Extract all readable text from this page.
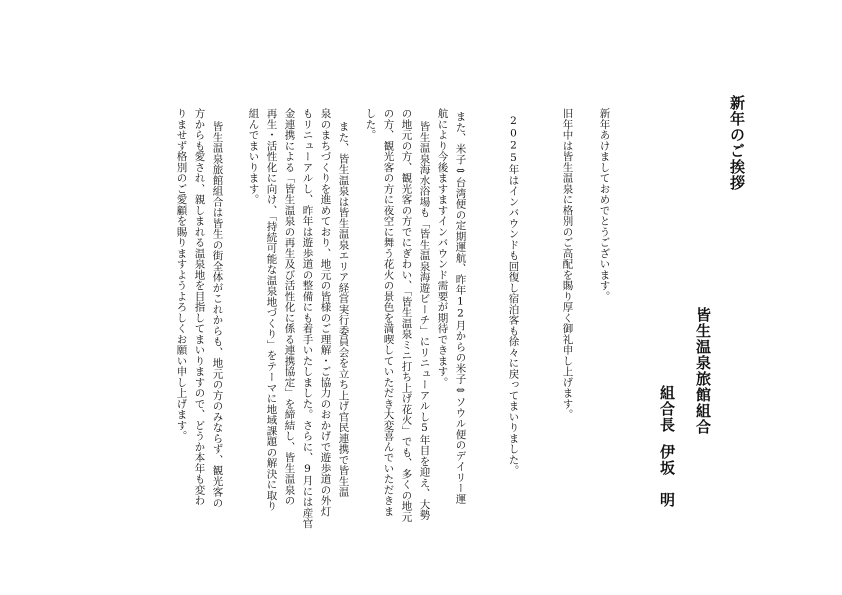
新年のご挨拶
新年あけましておめでとうございます。
旧年中は皆生温泉に格別のご高配を賜り厚く御礼申し上げます。
2025年はインバウンドも回復し宿泊客も徐々に戻ってまいりました。
また、米子⇔台湾便の定期運航、昨年12月からの米子⇔ソウル便のデイリー運
航により今後ますますインバウンド需要が期待できます。
皆生温泉海水浴場も「皆生温泉海遊ビーチ」にリニューアルし5年目を迎え、大勢
の地元の方、観光客の方でにぎわい、「皆生温泉ミニ打ち上げ花火」でも、多くの地元
の方、観光客の方に夜空に舞う花火の景色を満喫していただき大変喜んでいただきま
した。
また、皆生温泉は皆生温泉エリア経営実行委員会を立ち上げ官民連携で皆生温
泉のまちづくりを進めており、地元の皆様のご理解・ご協力のおかげで遊歩道の外灯
もリニューアルし、昨年は遊歩道の整備にも着手いたしました。さらに、9月には産官
金連携による「皆生温泉の再生及び活性化に係る連携協定」を締結し、皆生温泉の
再生・活性化に向け、「持続可能な温泉地づくり」をテーマに地域課題の解決に取り
組んでまいります。
皆生温泉旅館組合は皆生の街全体がこれからも、地元の方のみならず、観光客の
方からも愛され、親しまれる温泉地を目指してまいりますので、どうか本年も変わ
りませず格別のご愛顧を賜りますようよろしくお願い申し上げます。	皆生温泉旅館組合
組合長
伊坂　明
